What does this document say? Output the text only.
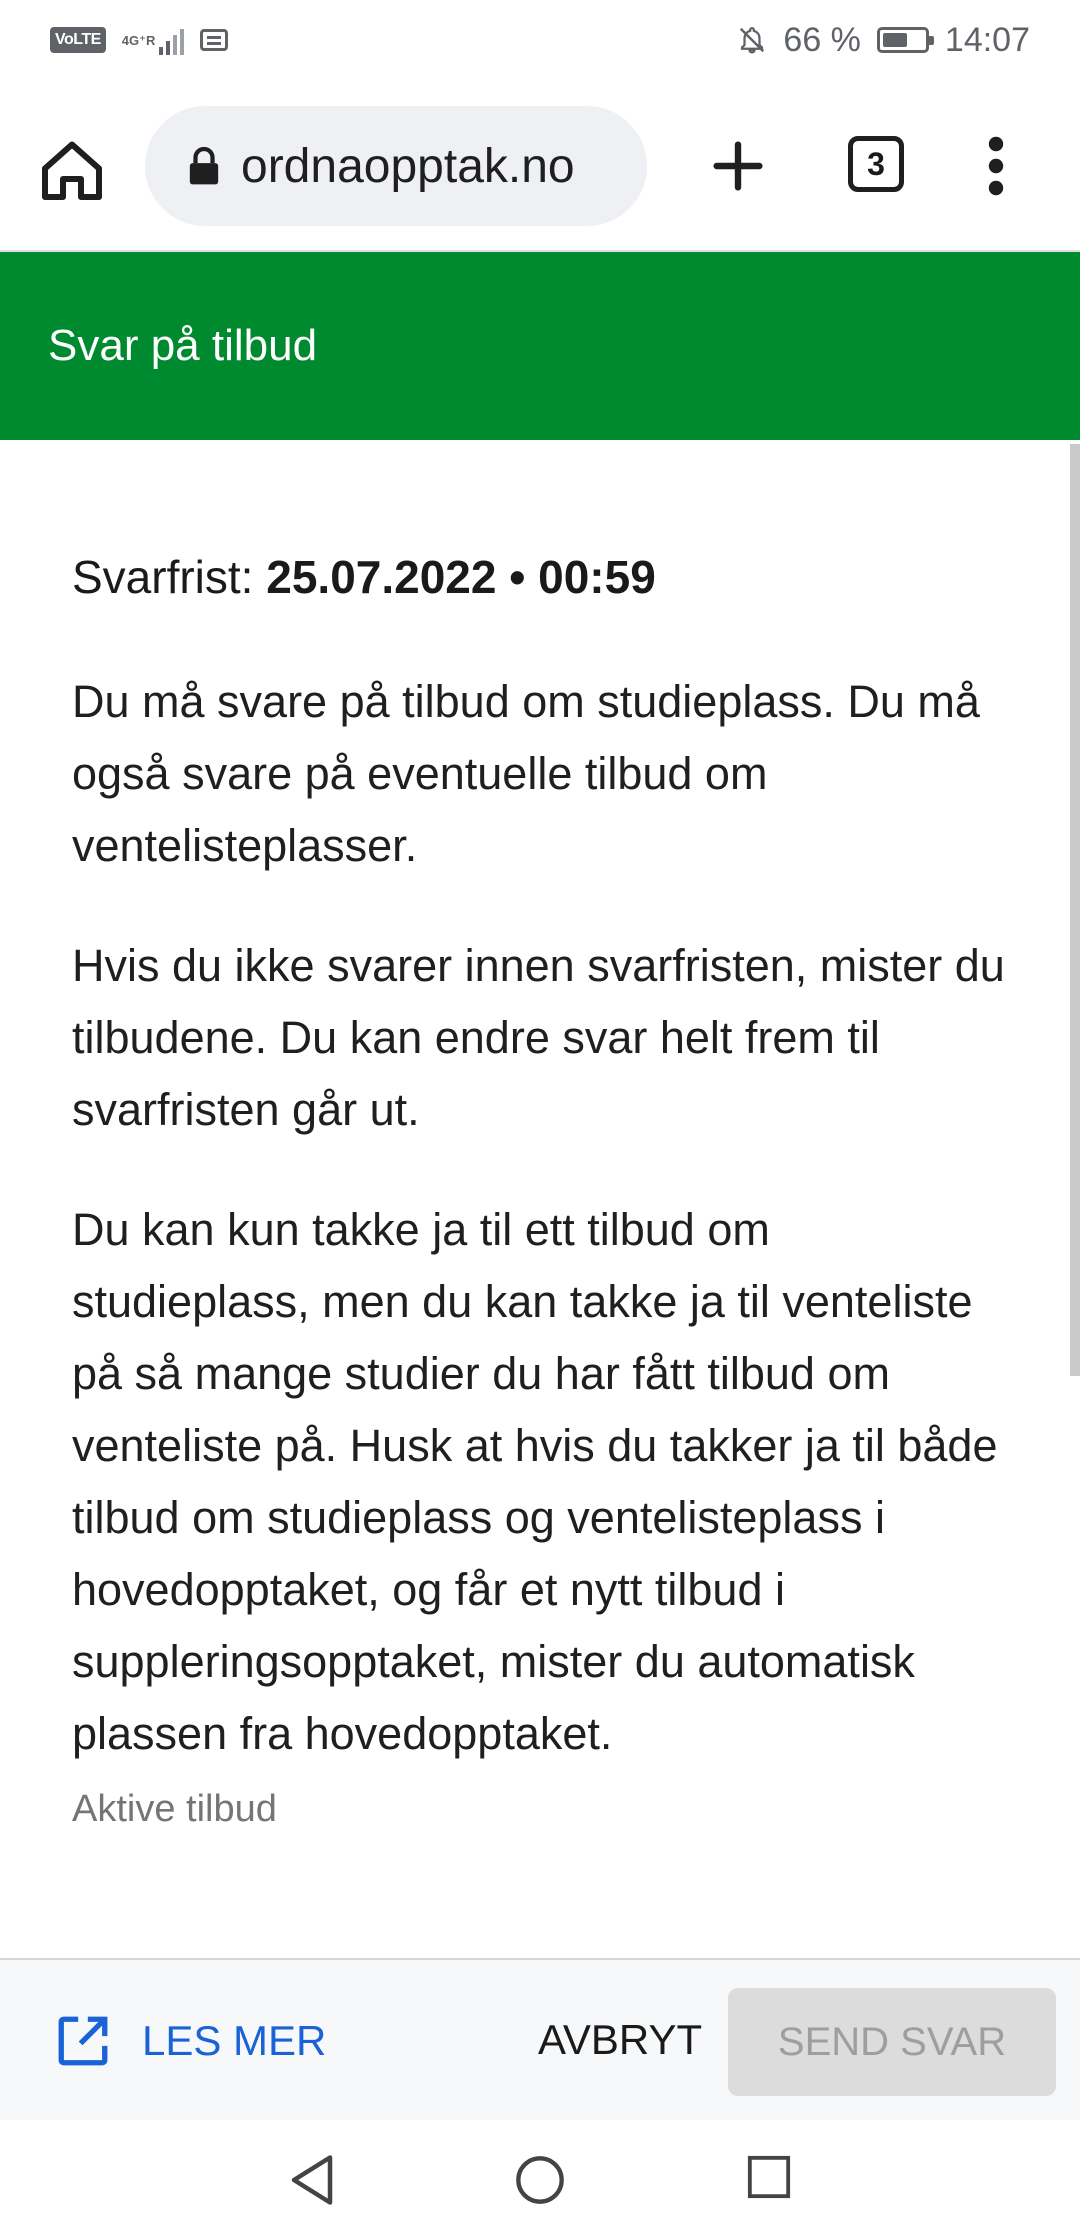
VoLTE	4G⁺R	66 % 14:07
ordnaopptak.no	3
Svar på tilbud
Svarfrist: 25.07.2022 • 00:59

Du må svare på tilbud om studieplass. Du må også svare på eventuelle tilbud om ventelisteplasser.

Hvis du ikke svarer innen svarfristen, mister du tilbudene. Du kan endre svar helt frem til svarfristen går ut.

Du kan kun takke ja til ett tilbud om studieplass, men du kan takke ja til venteliste på så mange studier du har fått tilbud om venteliste på. Husk at hvis du takker ja til både tilbud om studieplass og ventelisteplass i hovedopptaket, og får et nytt tilbud i suppleringsopptaket, mister du automatisk plassen fra hovedopptaket.

Aktive tilbud
LES MER	AVBRYT	SEND SVAR
